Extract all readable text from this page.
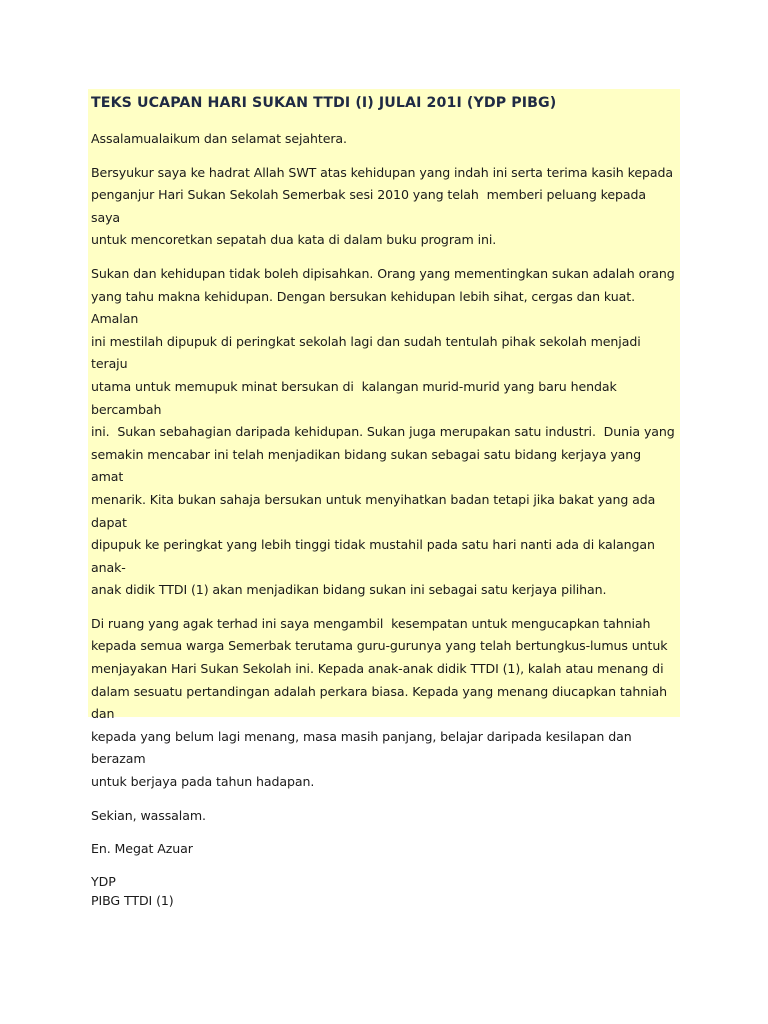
TEKS UCAPAN HARI SUKAN TTDI (I) JULAI 201I (YDP PIBG)

Assalamualaikum dan selamat sejahtera.

Bersyukur saya ke hadrat Allah SWT atas kehidupan yang indah ini serta terima kasih kepada
penganjur Hari Sukan Sekolah Semerbak sesi 2010 yang telah  memberi peluang kepada saya
untuk mencoretkan sepatah dua kata di dalam buku program ini.

Sukan dan kehidupan tidak boleh dipisahkan. Orang yang mementingkan sukan adalah orang
yang tahu makna kehidupan. Dengan bersukan kehidupan lebih sihat, cergas dan kuat. Amalan
ini mestilah dipupuk di peringkat sekolah lagi dan sudah tentulah pihak sekolah menjadi teraju
utama untuk memupuk minat bersukan di  kalangan murid-murid yang baru hendak bercambah
ini.  Sukan sebahagian daripada kehidupan. Sukan juga merupakan satu industri.  Dunia yang
semakin mencabar ini telah menjadikan bidang sukan sebagai satu bidang kerjaya yang amat
menarik. Kita bukan sahaja bersukan untuk menyihatkan badan tetapi jika bakat yang ada dapat
dipupuk ke peringkat yang lebih tinggi tidak mustahil pada satu hari nanti ada di kalangan anak-
anak didik TTDI (1) akan menjadikan bidang sukan ini sebagai satu kerjaya pilihan.

Di ruang yang agak terhad ini saya mengambil  kesempatan untuk mengucapkan tahniah
kepada semua warga Semerbak terutama guru-gurunya yang telah bertungkus-lumus untuk
menjayakan Hari Sukan Sekolah ini. Kepada anak-anak didik TTDI (1), kalah atau menang di
dalam sesuatu pertandingan adalah perkara biasa. Kepada yang menang diucapkan tahniah dan
kepada yang belum lagi menang, masa masih panjang, belajar daripada kesilapan dan berazam
untuk berjaya pada tahun hadapan.

Sekian, wassalam.

En. Megat Azuar

YDP

PIBG TTDI (1)
